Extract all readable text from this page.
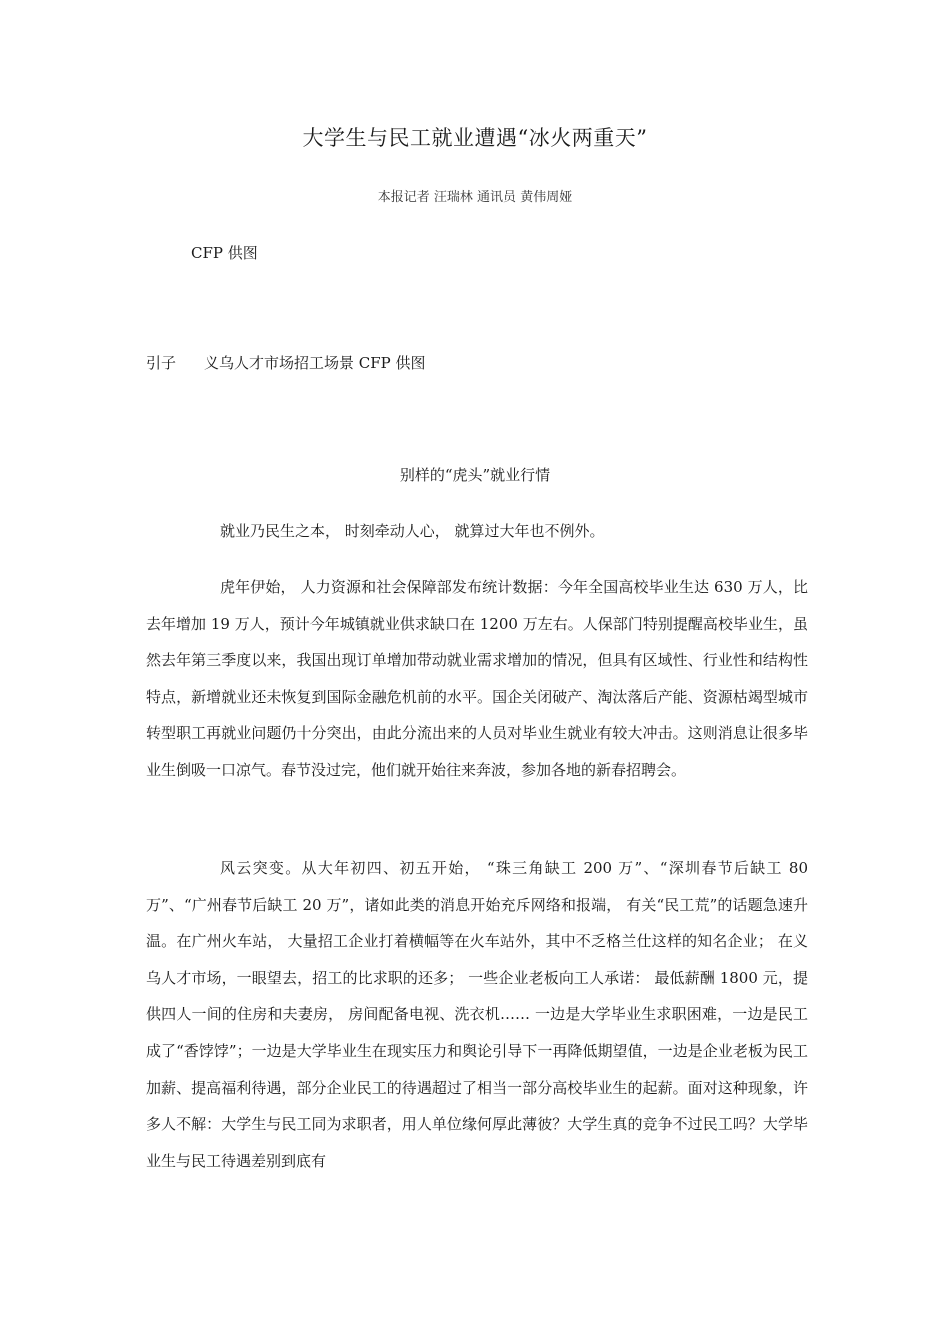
大学生与民工就业遭遇“冰火两重天”
本报记者 汪瑞林 通讯员 黄伟周娅
CFP 供图
引子 义乌人才市场招工场景 CFP 供图
别样的“虎头”就业行情

就业乃民生之本， 时刻牵动人心， 就算过大年也不例外。

虎年伊始， 人力资源和社会保障部发布统计数据：今年全国高校毕业生达 630 万人，比去年增加 19 万人，预计今年城镇就业供求缺口在 1200 万左右。人保部门特别提醒高校毕业生，虽然去年第三季度以来，我国出现订单增加带动就业需求增加的情况，但具有区域性、行业性和结构性特点，新增就业还未恢复到国际金融危机前的水平。国企关闭破产、淘汰落后产能、资源枯竭型城市转型职工再就业问题仍十分突出，由此分流出来的人员对毕业生就业有较大冲击。这则消息让很多毕业生倒吸一口凉气。春节没过完，他们就开始往来奔波，参加各地的新春招聘会。

风云突变。从大年初四、初五开始， “珠三角缺工 200 万”、“深圳春节后缺工 80 万”、“广州春节后缺工 20 万”，诸如此类的消息开始充斥网络和报端， 有关“民工荒”的话题急速升温。在广州火车站， 大量招工企业打着横幅等在火车站外，其中不乏格兰仕这样的知名企业； 在义乌人才市场，一眼望去，招工的比求职的还多； 一些企业老板向工人承诺： 最低薪酬 1800 元，提供四人一间的住房和夫妻房， 房间配备电视、洗衣机…… 一边是大学毕业生求职困难，一边是民工成了“香饽饽”；一边是大学毕业生在现实压力和舆论引导下一再降低期望值，一边是企业老板为民工加薪、提高福利待遇，部分企业民工的待遇超过了相当一部分高校毕业生的起薪。面对这种现象，许多人不解：大学生与民工同为求职者，用人单位缘何厚此薄彼？大学生真的竞争不过民工吗？大学毕业生与民工待遇差别到底有
